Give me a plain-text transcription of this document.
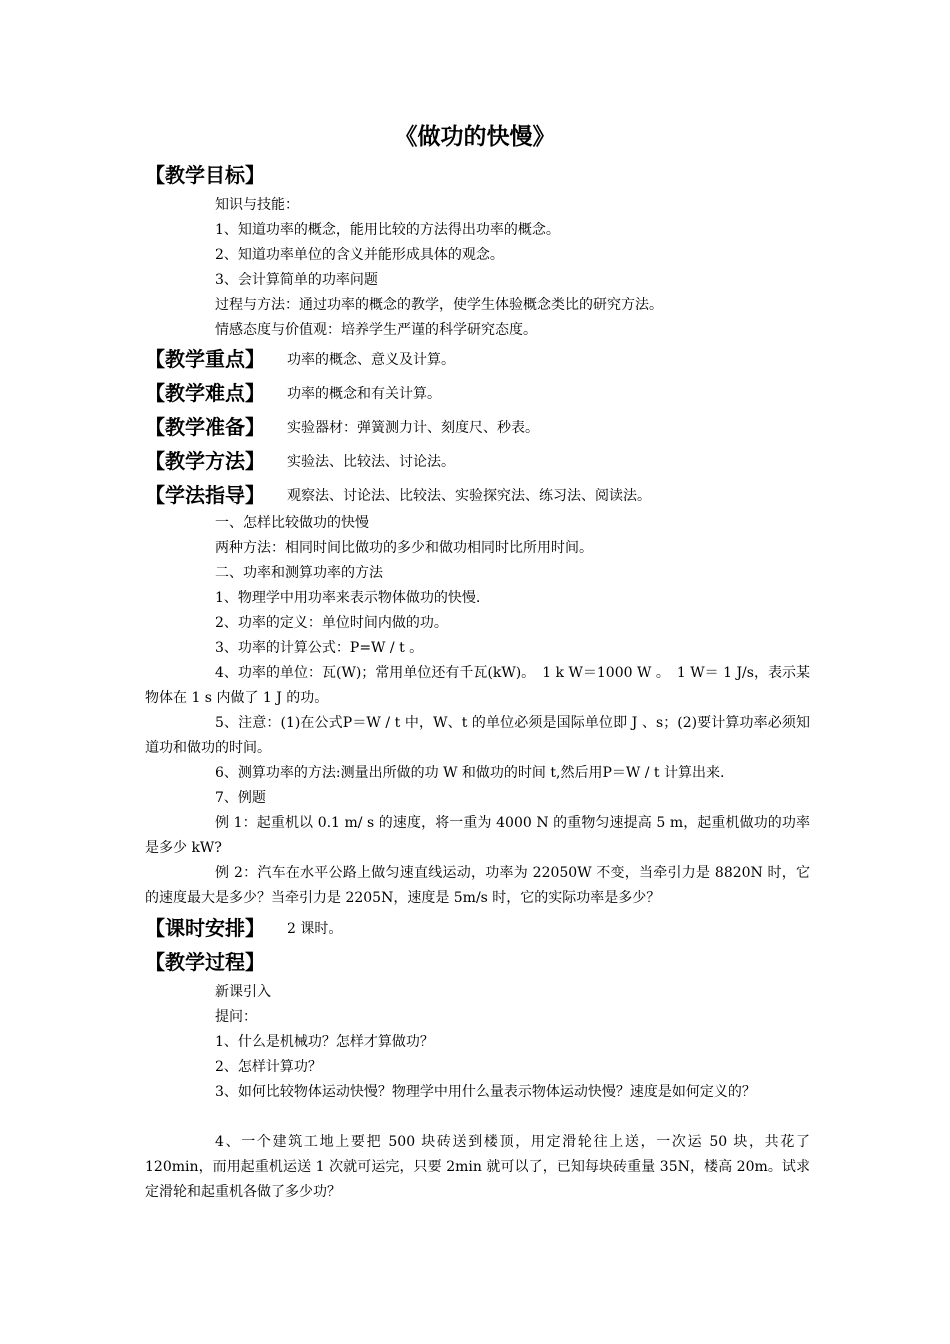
《做功的快慢》
【教学目标】
知识与技能：
1、知道功率的概念，能用比较的方法得出功率的概念。
2、知道功率单位的含义并能形成具体的观念。
3、会计算简单的功率问题
过程与方法：通过功率的概念的教学，使学生体验概念类比的研究方法。
情感态度与价值观：培养学生严谨的科学研究态度。
【教学重点】 功率的概念、意义及计算。
【教学难点】 功率的概念和有关计算。
【教学准备】 实验器材：弹簧测力计、刻度尺、秒表。
【教学方法】 实验法、比较法、讨论法。
【学法指导】 观察法、讨论法、比较法、实验探究法、练习法、阅读法。
一、怎样比较做功的快慢
两种方法：相同时间比做功的多少和做功相同时比所用时间。
二、功率和测算功率的方法
1、物理学中用功率来表示物体做功的快慢.
2、功率的定义：单位时间内做的功。
3、功率的计算公式：P=W / t 。
4、功率的单位：瓦(W)；常用单位还有千瓦(kW)。　1 k W＝1000 W 。　1 W＝ 1 J/s，表示某物体在 1 s 内做了 1 J 的功。
5、注意：(1)在公式P＝W / t 中，W、t 的单位必须是国际单位即 J 、s；(2)要计算功率必须知道功和做功的时间。
6、测算功率的方法:测量出所做的功 W 和做功的时间 t,然后用P＝W / t 计算出来.
7、例题
例 1：起重机以 0.1 m/ s 的速度，将一重为 4000 N 的重物匀速提高 5 m，起重机做功的功率是多少 kW?
例 2：汽车在水平公路上做匀速直线运动，功率为 22050W 不变，当牵引力是 8820N 时，它的速度最大是多少？当牵引力是 2205N，速度是 5m/s 时，它的实际功率是多少？
【课时安排】 2 课时。
【教学过程】
新课引入
提问：
1、什么是机械功？怎样才算做功？
2、怎样计算功？
3、如何比较物体运动快慢？物理学中用什么量表示物体运动快慢？速度是如何定义的？
4、一个建筑工地上要把 500 块砖送到楼顶，用定滑轮往上送，一次运 50 块，共花了 120min，而用起重机运送 1 次就可运完，只要 2min 就可以了，已知每块砖重量 35N，楼高 20m。试求定滑轮和起重机各做了多少功？
